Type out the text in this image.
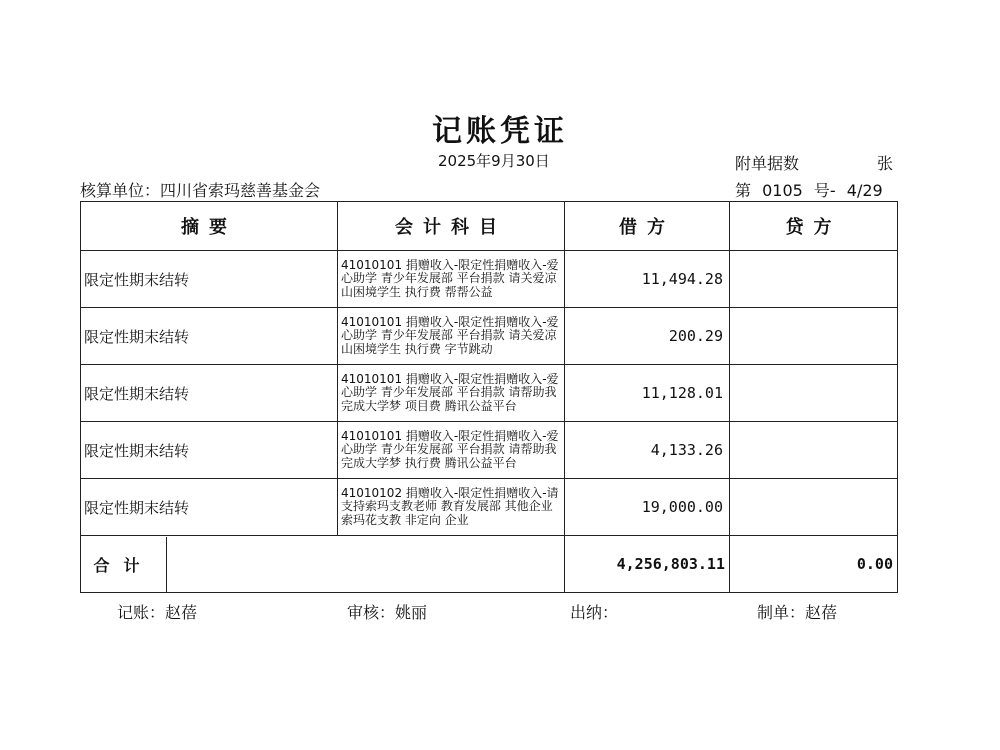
记账凭证
2025年9月30日	附单据数	张
核算单位：四川省索玛慈善基金会	第 0105 号- 4/29
摘要	会计科目	借方	贷方
限定性期末结转	41010101 捐赠收入-限定性捐赠收入-爱心助学 青少年发展部 平台捐款 请关爱凉山困境学生 执行费 帮帮公益	11,494.28	
限定性期末结转	41010101 捐赠收入-限定性捐赠收入-爱心助学 青少年发展部 平台捐款 请关爱凉山困境学生 执行费 字节跳动	200.29	
限定性期末结转	41010101 捐赠收入-限定性捐赠收入-爱心助学 青少年发展部 平台捐款 请帮助我完成大学梦 项目费 腾讯公益平台	11,128.01	
限定性期末结转	41010101 捐赠收入-限定性捐赠收入-爱心助学 青少年发展部 平台捐款 请帮助我完成大学梦 执行费 腾讯公益平台	4,133.26	
限定性期末结转	41010102 捐赠收入-限定性捐赠收入-请支持索玛支教老师 教育发展部 其他企业 索玛花支教 非定向 企业	19,000.00	

合计		4,256,803.11	0.00
记账：赵蓓	审核：姚丽	出纳：	制单：赵蓓
